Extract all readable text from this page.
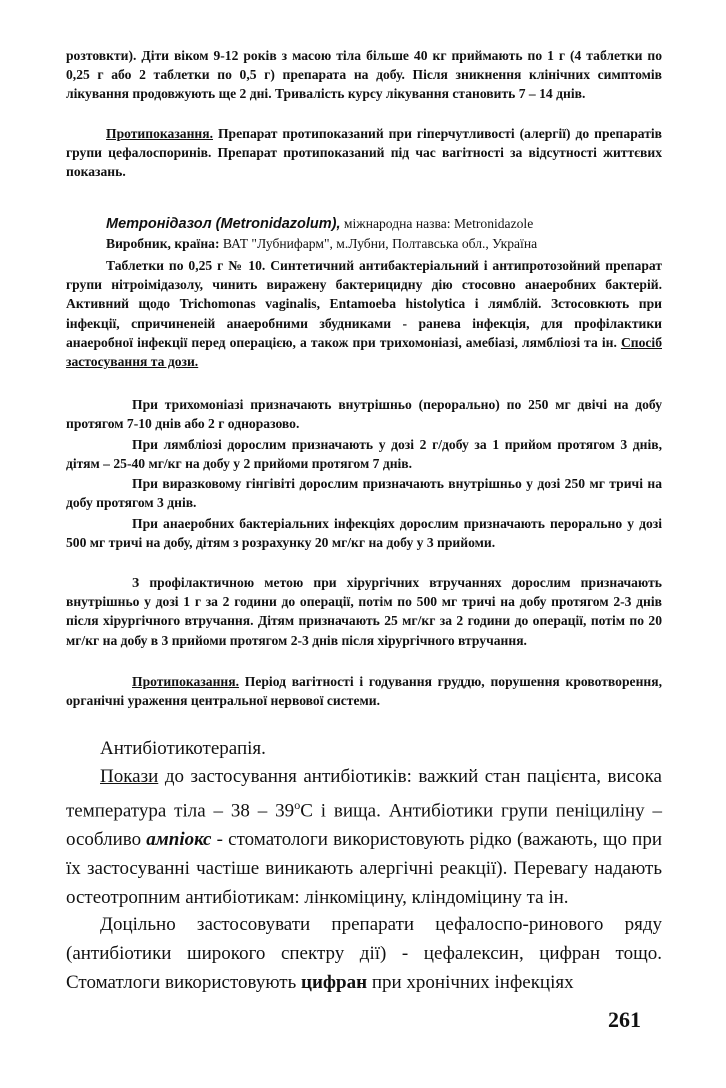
розтовкти). Діти віком 9-12 років з масою тіла більше 40 кг приймають по 1 г (4 таблетки по 0,25 г або 2 таблетки по 0,5 г) препарата на добу. Після зникнення клінічних симптомів лікування продовжують ще 2 дні. Тривалість курсу лікування становить 7 – 14 днів.

Протипоказання. Препарат протипоказаний при гіперчутливості (алергії) до препаратів групи цефалоспоринів. Препарат протипоказаний під час вагітності за відсутності життєвих показань.

Метронідазол (Metronidazolum), міжнародна назва: Metronidazole
Виробник, країна: ВАТ "Лубнифарм", м.Лубни, Полтавська обл., Україна

Таблетки по 0,25 г № 10. Синтетичний антибактеріальний і антипротозойний препарат групи нітроімідазолу, чинить виражену бактерицидну дію стосовно анаеробних бактерій. Активний щодо Trichomonas vaginalis, Entamoeba histolytica і лямблій. Зстосовкють при інфекції, спричиненеій анаеробними збудниками - ранева інфекція, для профілактики анаеробної інфекції перед операцією, а також при трихомоніазі, амебіазі, лямбліозі та ін. Спосіб застосування та дози.

При трихомоніазі призначають внутрішньо (перорально) по 250 мг двічі на добу протягом 7-10 днів або 2 г одноразово.

При лямбліозі дорослим призначають у дозі 2 г/добу за 1 прийом протягом 3 днів, дітям – 25-40 мг/кг на добу у 2 прийоми протягом 7 днів.

При виразковому гінгівіті дорослим призначають внутрішньо у дозі 250 мг тричі на добу протягом 3 днів.

При анаеробних бактеріальних інфекціях дорослим призначають перорально у дозі 500 мг тричі на добу, дітям з розрахунку 20 мг/кг на добу у 3 прийоми.

З профілактичною метою при хірургічних втручаннях дорослим призначають внутрішньо у дозі 1 г за 2 години до операції, потім по 500 мг тричі на добу протягом 2-3 днів після хірургічного втручання. Дітям призначають 25 мг/кг за 2 години до операції, потім по 20 мг/кг на добу в 3 прийоми протягом 2-3 днів після хірургічного втручання.

Протипоказання. Період вагітності і годування груддю, порушення кровотворення, органічні ураження центральної нервової системи.

Антибіотикотерапія.

Покази до застосування антибіотиків: важкий стан пацієнта, висока температура тіла – $38 - 39^оС$ і вища. Антибіотики групи пеніциліну – особливо ампіокс - стоматологи використовують рідко (важають, що при їх застосуванні частіше виникають алергічні реакції). Перевагу надають остеотропним антибіотикам: лінкоміцину, кліндоміцину та ін.

Доцільно застосовувати препарати цефалоспо-ринового ряду (антибіотики широкого спектру дії) - цефалексин, цифран тощо. Стоматлоги використовують цифран при хронічних інфекціях

261
